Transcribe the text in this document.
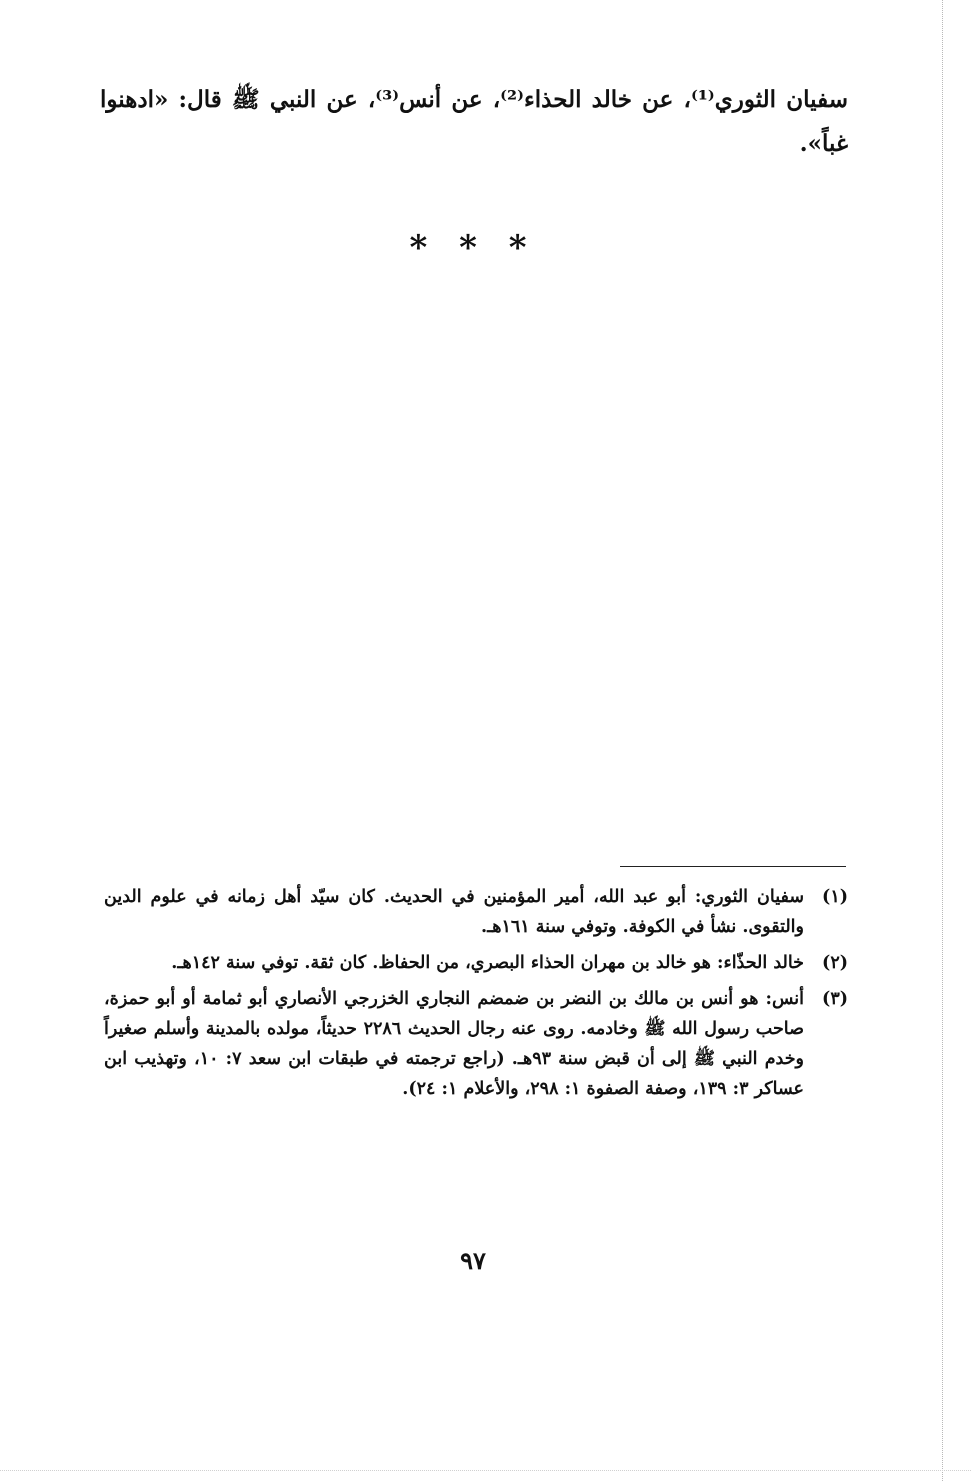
سفيان الثوري⁽¹⁾، عن خالد الحذاء⁽²⁾، عن أنس⁽³⁾، عن النبي ﷺ قال: «ادهنوا غباً».
* * *
(١)
سفيان الثوري: أبو عبد الله، أمير المؤمنين في الحديث. كان سيّد أهل زمانه في علوم الدين والتقوى. نشأ في الكوفة. وتوفي سنة ١٦١هـ.
(٢)
خالد الحذّاء: هو خالد بن مهران الحذاء البصري، من الحفاظ. كان ثقة. توفي سنة ١٤٢هـ.
(٣)
أنس: هو أنس بن مالك بن النضر بن ضمضم النجاري الخزرجي الأنصاري أبو ثمامة أو أبو حمزة، صاحب رسول الله ﷺ وخادمه. روى عنه رجال الحديث ٢٢٨٦ حديثاً، مولده بالمدينة وأسلم صغيراً وخدم النبي ﷺ إلى أن قبض سنة ٩٣هـ. (راجع ترجمته في طبقات ابن سعد ٧: ١٠، وتهذيب ابن عساكر ٣: ١٣٩، وصفة الصفوة ١: ٢٩٨، والأعلام ١: ٢٤).
٩٧
